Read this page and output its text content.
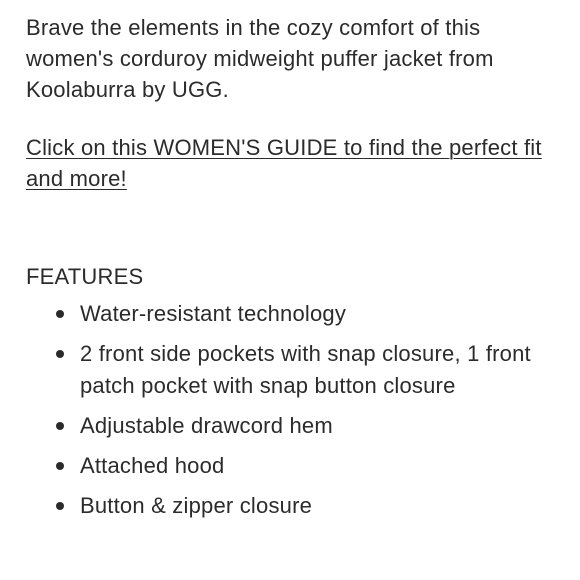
Brave the elements in the cozy comfort of this women's corduroy midweight puffer jacket from Koolaburra by UGG.

Click on this WOMEN'S GUIDE to find the perfect fit and more!
FEATURES
Water-resistant technology
2 front side pockets with snap closure, 1 front patch pocket with snap button closure
Adjustable drawcord hem
Attached hood
Button & zipper closure
